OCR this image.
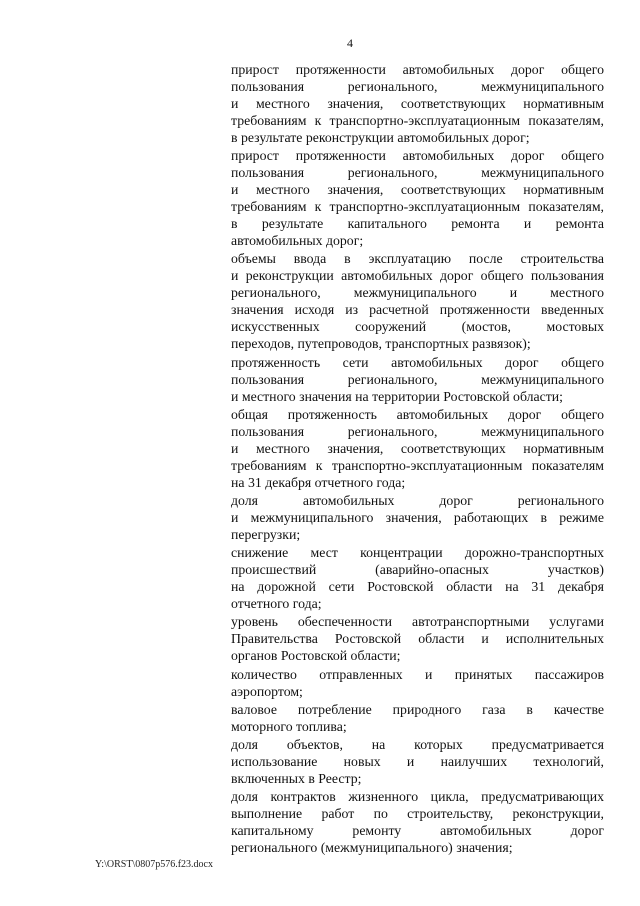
4
прирост протяженности автомобильных дорог общего
пользования регионального, межмуниципального
и местного значения, соответствующих нормативным
требованиям к транспортно-эксплуатационным показателям,
в результате реконструкции автомобильных дорог;
прирост протяженности автомобильных дорог общего
пользования регионального, межмуниципального
и местного значения, соответствующих нормативным
требованиям к транспортно-эксплуатационным показателям,
в результате капитального ремонта и ремонта
автомобильных дорог;
объемы ввода в эксплуатацию после строительства
и реконструкции автомобильных дорог общего пользования
регионального, межмуниципального и местного
значения исходя из расчетной протяженности введенных
искусственных сооружений (мостов, мостовых
переходов, путепроводов, транспортных развязок);
протяженность сети автомобильных дорог общего
пользования регионального, межмуниципального
и местного значения на территории Ростовской области;
общая протяженность автомобильных дорог общего
пользования регионального, межмуниципального
и местного значения, соответствующих нормативным
требованиям к транспортно-эксплуатационным показателям
на 31 декабря отчетного года;
доля автомобильных дорог регионального
и межмуниципального значения, работающих в режиме
перегрузки;
снижение мест концентрации дорожно-транспортных
происшествий (аварийно-опасных участков)
на дорожной сети Ростовской области на 31 декабря
отчетного года;
уровень обеспеченности автотранспортными услугами
Правительства Ростовской области и исполнительных
органов Ростовской области;
количество отправленных и принятых пассажиров
аэропортом;
валовое потребление природного газа в качестве
моторного топлива;
доля объектов, на которых предусматривается
использование новых и наилучших технологий,
включенных в Реестр;
доля контрактов жизненного цикла, предусматривающих
выполнение работ по строительству, реконструкции,
капитальному ремонту автомобильных дорог
регионального (межмуниципального) значения;
Y:\ORST\0807p576.f23.docx
